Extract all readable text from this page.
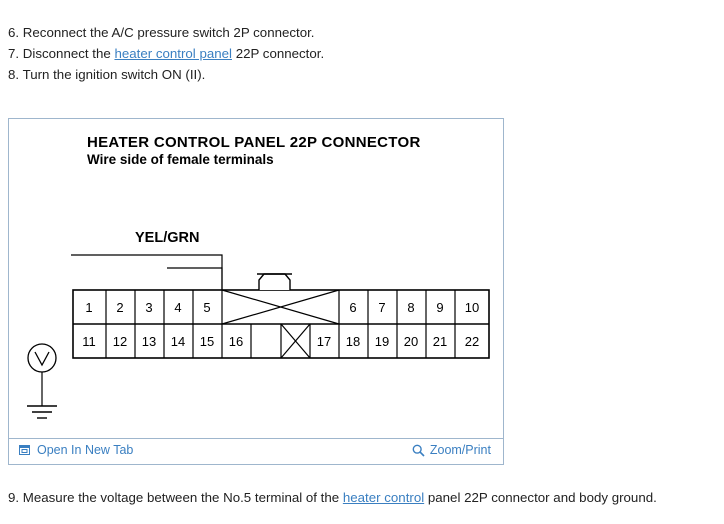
6. Reconnect the A/C pressure switch 2P connector.
7. Disconnect the heater control panel 22P connector.
8. Turn the ignition switch ON (II).
HEATER CONTROL PANEL 22P CONNECTOR
Wire side of female terminals
YEL/GRN
1 2 3 4 5	6 7 8 9 10
11 12 13 14 15 16	17 18 19 20 21 22
Open In New Tab	Zoom/Print
9. Measure the voltage between the No.5 terminal of the heater control panel 22P connector and body ground.
